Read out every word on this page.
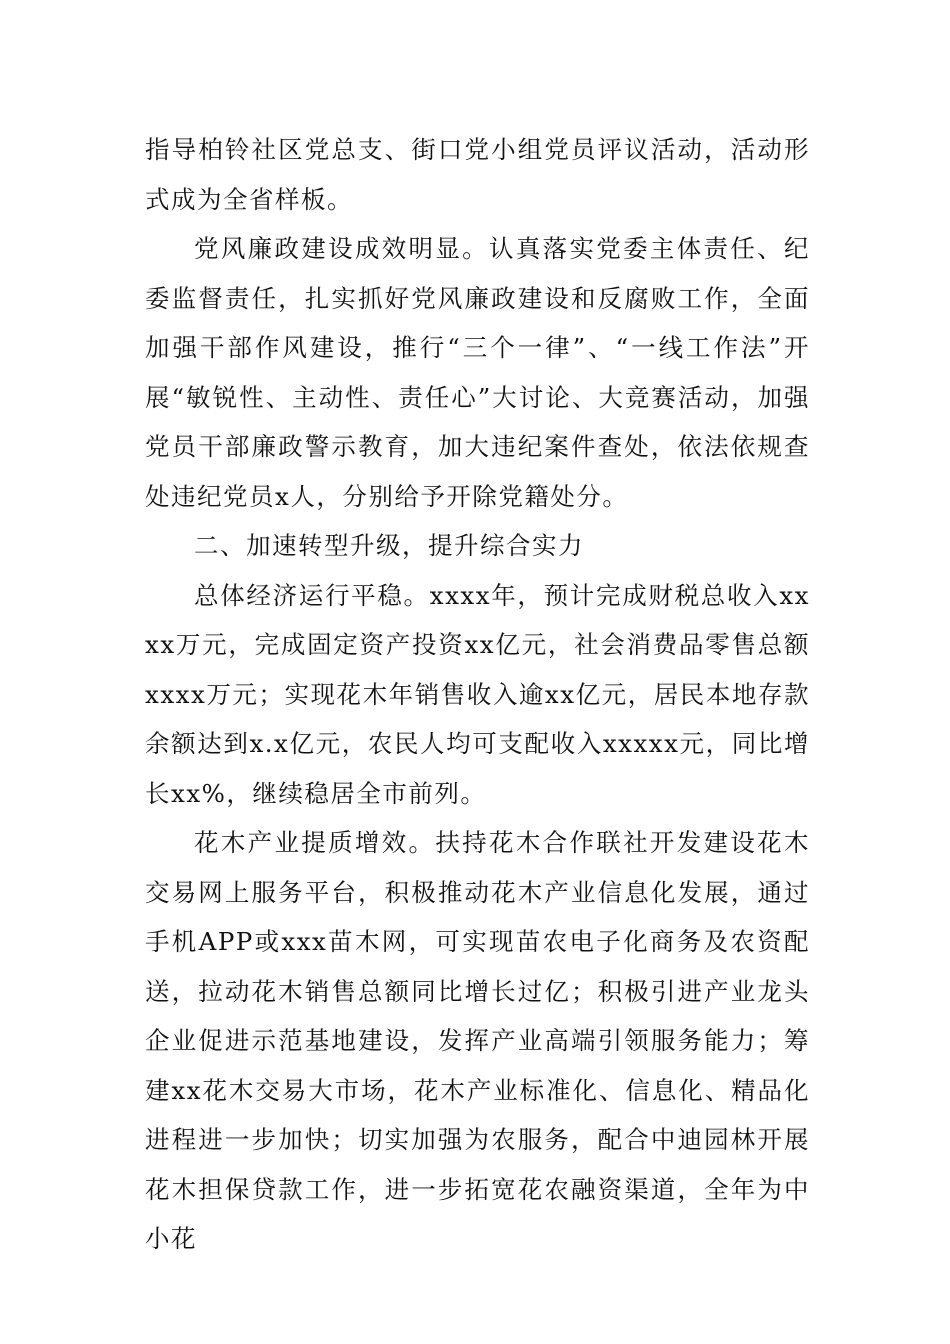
指导柏铃社区党总支、街口党小组党员评议活动，活动形式成为全省样板。

党风廉政建设成效明显。认真落实党委主体责任、纪委监督责任，扎实抓好党风廉政建设和反腐败工作，全面加强干部作风建设，推行“三个一律”、“一线工作法”开展“敏锐性、主动性、责任心”大讨论、大竞赛活动，加强党员干部廉政警示教育，加大违纪案件查处，依法依规查处违纪党员x人，分别给予开除党籍处分。

二、加速转型升级，提升综合实力

总体经济运行平稳。xxxx年，预计完成财税总收入xxxx万元，完成固定资产投资xx亿元，社会消费品零售总额xxxx万元；实现花木年销售收入逾xx亿元，居民本地存款余额达到x.x亿元，农民人均可支配收入xxxxx元，同比增长xx%，继续稳居全市前列。

花木产业提质增效。扶持花木合作联社开发建设花木交易网上服务平台，积极推动花木产业信息化发展，通过手机APP或xxx苗木网，可实现苗农电子化商务及农资配送，拉动花木销售总额同比增长过亿；积极引进产业龙头企业促进示范基地建设，发挥产业高端引领服务能力；筹建xx花木交易大市场，花木产业标准化、信息化、精品化进程进一步加快；切实加强为农服务，配合中迪园林开展花木担保贷款工作，进一步拓宽花农融资渠道，全年为中小花
